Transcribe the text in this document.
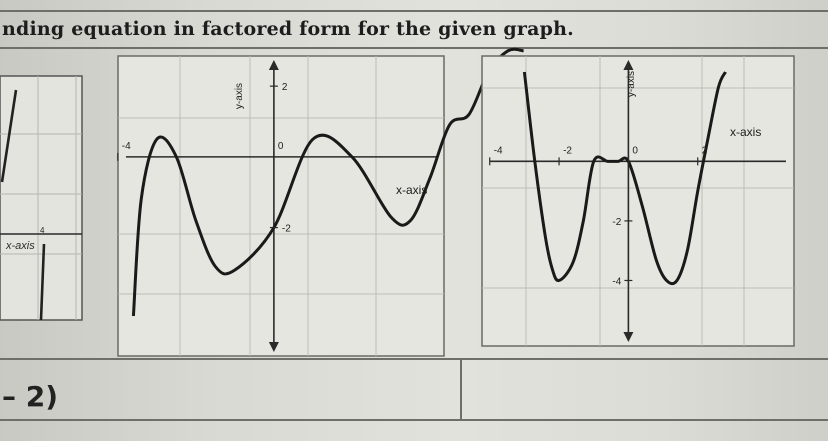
nding equation in factored form for the given graph.
4
x-axis
-4	0
2
-2
x-axis
y-axis
-4	-2	0	2
-2
-4
x-axis
y-axis
– 2)
